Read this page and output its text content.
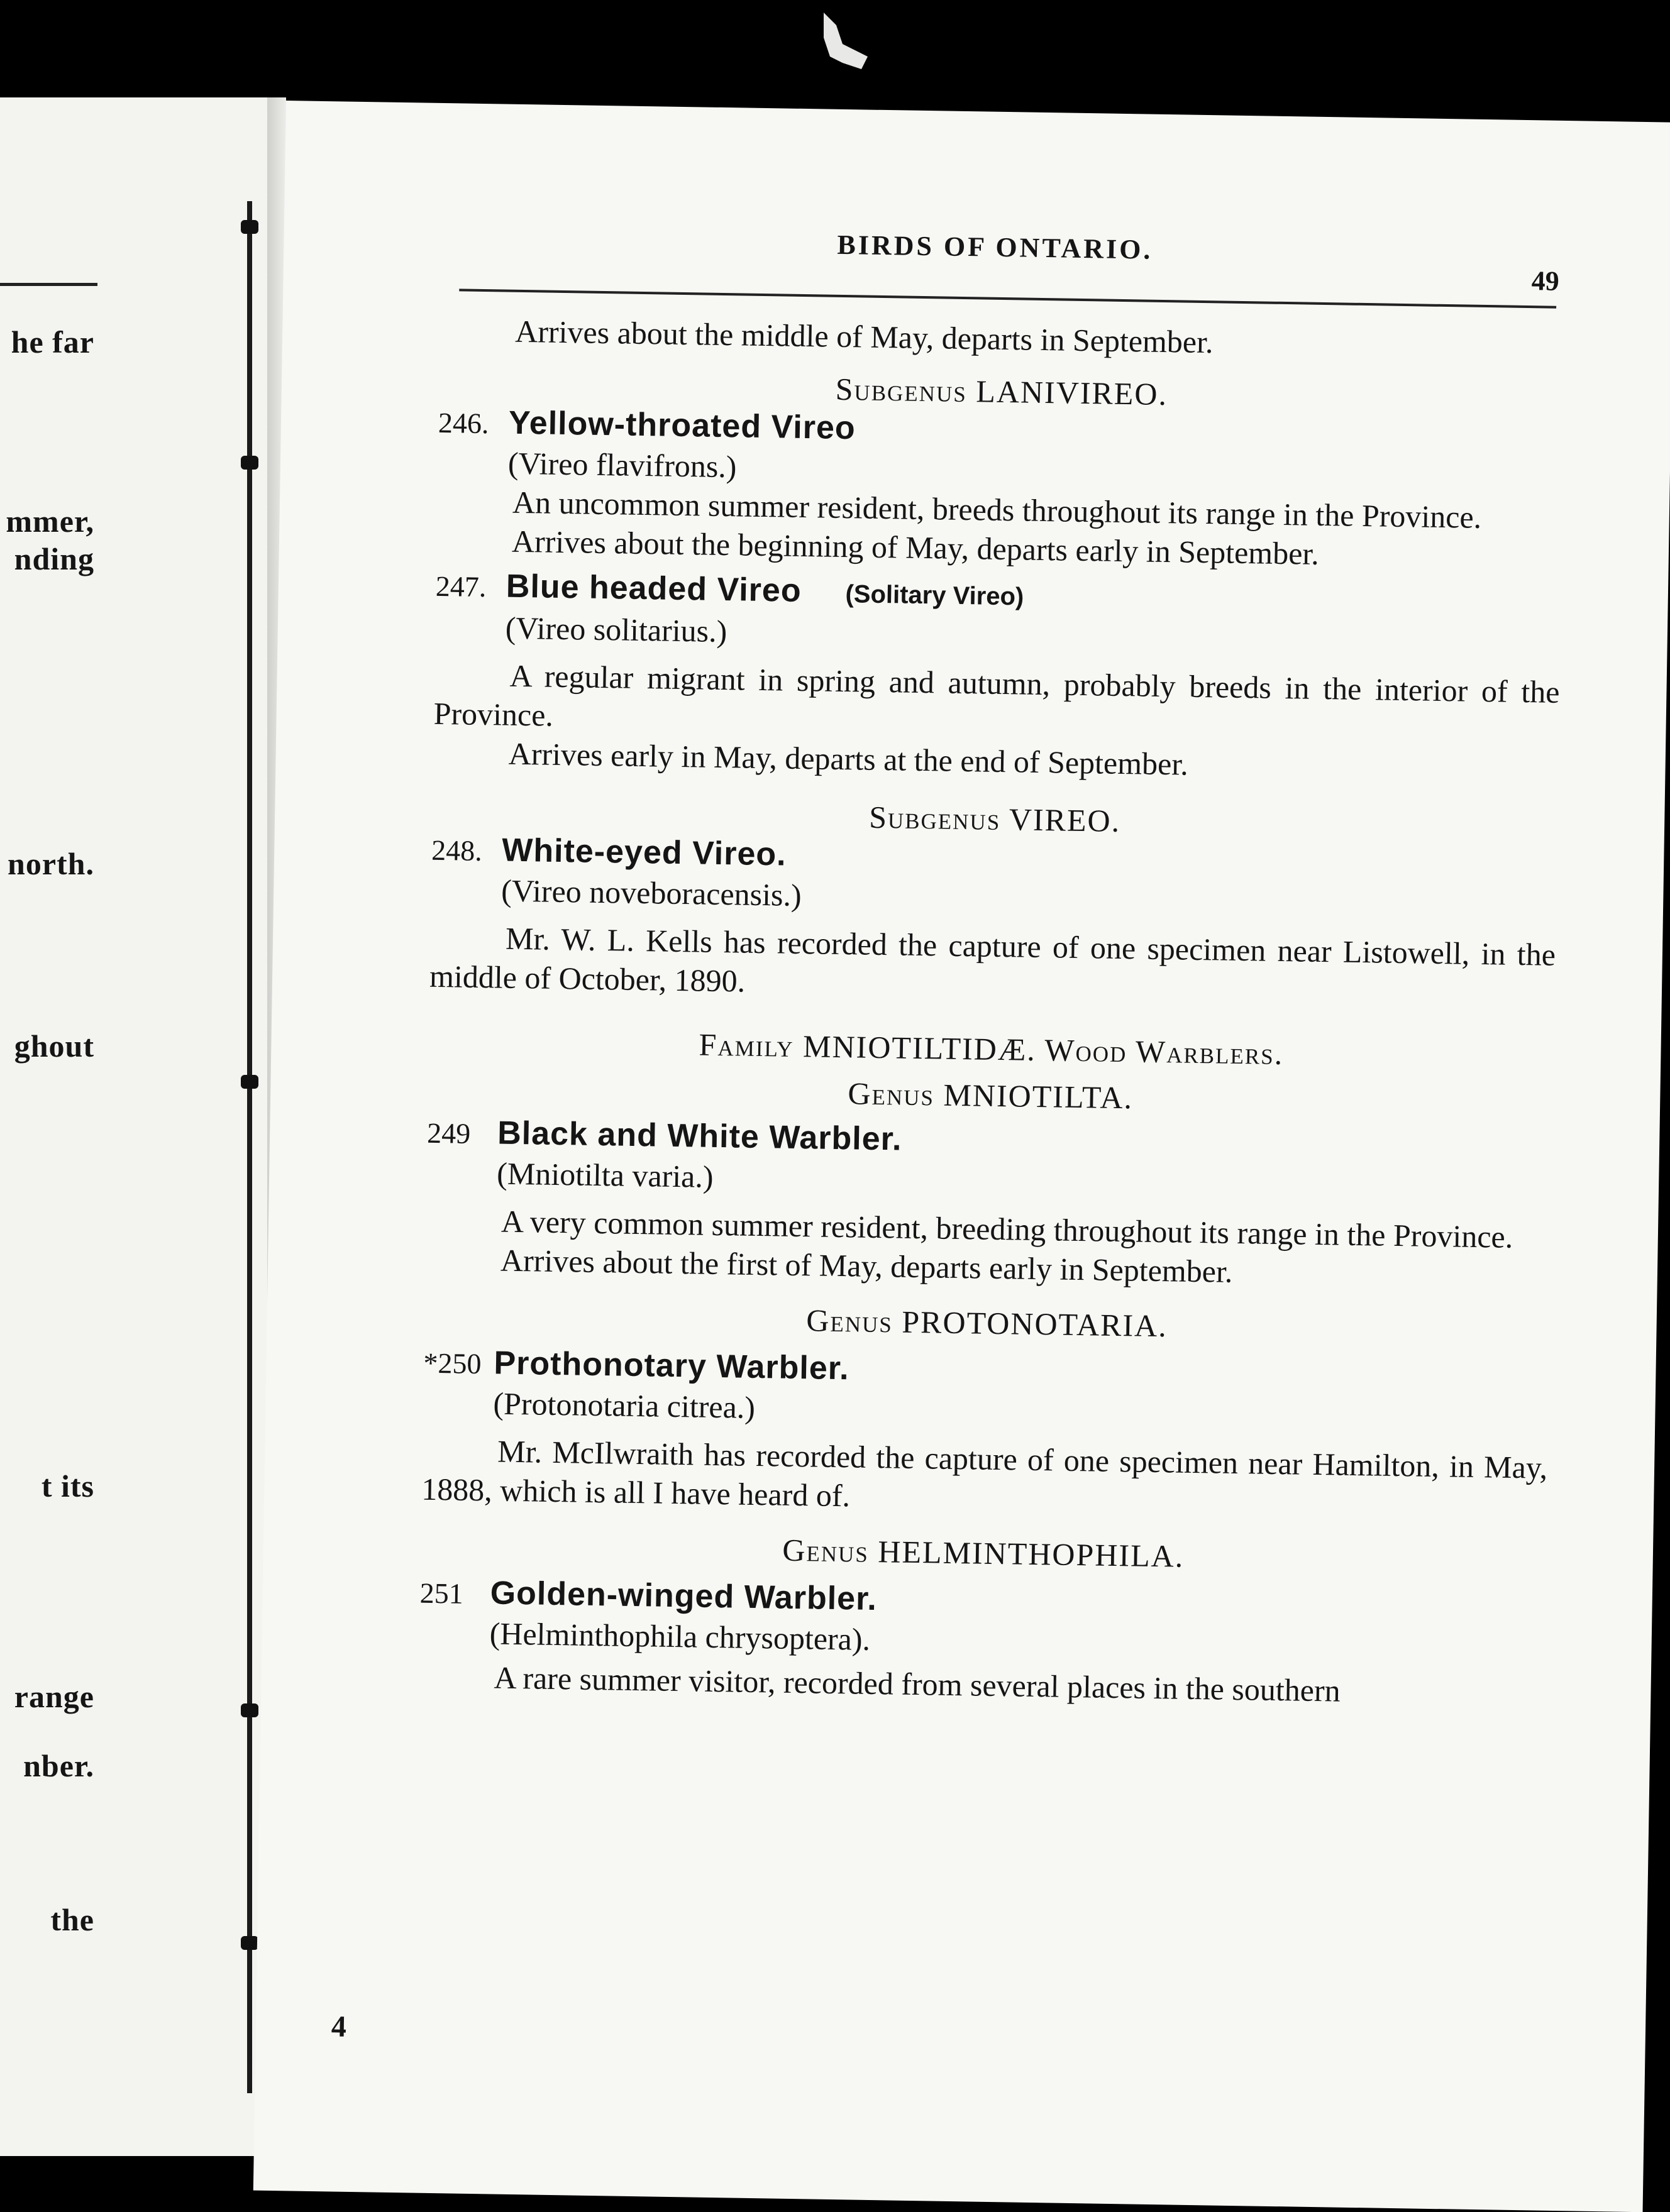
he far
mmer,
nding
north.
ghout
t its
range
nber.
the
BIRDS OF ONTARIO.
49

Arrives about the middle of May, departs in September.

Subgenus LANIVIREO.

246. Yellow-throated Vireo

(Vireo flavifrons.)

An uncommon summer resident, breeds throughout its range in the Province.

Arrives about the beginning of May, departs early in September.

247. Blue headed Vireo (Solitary Vireo)

(Vireo solitarius.)

A regular migrant in spring and autumn, probably breeds in the interior of the Province.

Arrives early in May, departs at the end of September.

Subgenus VIREO.

248. White-eyed Vireo.

(Vireo noveboracensis.)

Mr. W. L. Kells has recorded the capture of one specimen near Listowell, in the middle of October, 1890.

Family MNIOTILTIDÆ. Wood Warblers.

Genus MNIOTILTA.

249 Black and White Warbler.

(Mniotilta varia.)

A very common summer resident, breeding throughout its range in the Province.

Arrives about the first of May, departs early in September.

Genus PROTONOTARIA.

*250 Prothonotary Warbler.

(Protonotaria citrea.)

Mr. McIlwraith has recorded the capture of one specimen near Hamilton, in May, 1888, which is all I have heard of.

Genus HELMINTHOPHILA.

251 Golden-winged Warbler.

(Helminthophila chrysoptera).

A rare summer visitor, recorded from several places in the southern

4
